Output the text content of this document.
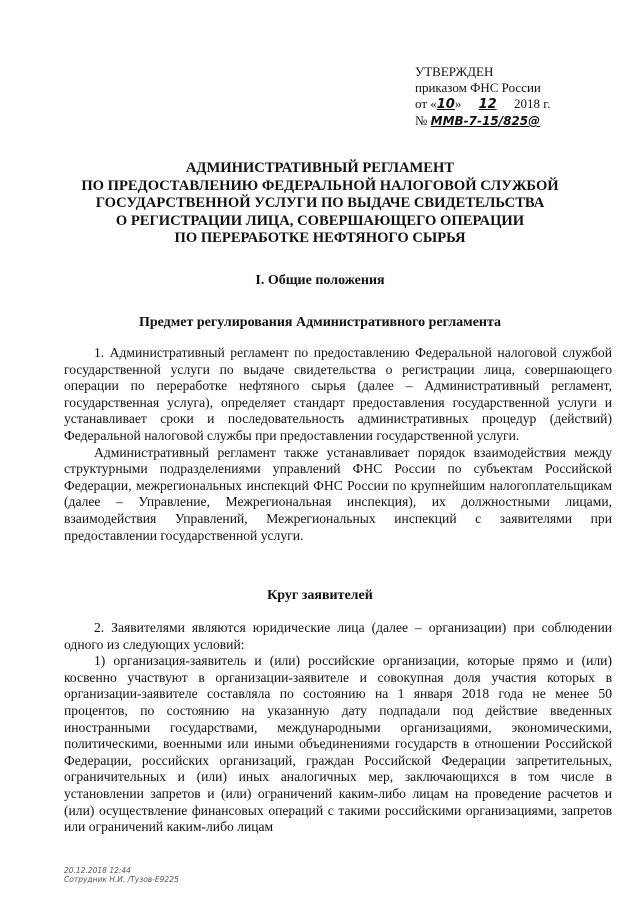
УТВЕРЖДЕН
приказом ФНС России
от «10» 12 2018 г.
№ ММВ-7-15/825@
АДМИНИСТРАТИВНЫЙ РЕГЛАМЕНТ
ПО ПРЕДОСТАВЛЕНИЮ ФЕДЕРАЛЬНОЙ НАЛОГОВОЙ СЛУЖБОЙ
ГОСУДАРСТВЕННОЙ УСЛУГИ ПО ВЫДАЧЕ СВИДЕТЕЛЬСТВА
О РЕГИСТРАЦИИ ЛИЦА, СОВЕРШАЮЩЕГО ОПЕРАЦИИ
ПО ПЕРЕРАБОТКЕ НЕФТЯНОГО СЫРЬЯ
I. Общие положения
Предмет регулирования Административного регламента

1. Административный регламент по предоставлению Федеральной налоговой службой государственной услуги по выдаче свидетельства о регистрации лица, совершающего операции по переработке нефтяного сырья (далее – Административный регламент, государственная услуга), определяет стандарт предоставления государственной услуги и устанавливает сроки и последовательность административных процедур (действий) Федеральной налоговой службы при предоставлении государственной услуги.

Административный регламент также устанавливает порядок взаимодействия между структурными подразделениями управлений ФНС России по субъектам Российской Федерации, межрегиональных инспекций ФНС России по крупнейшим налогоплательщикам (далее – Управление, Межрегиональная инспекция), их должностными лицами, взаимодействия Управлений, Межрегиональных инспекций с заявителями при предоставлении государственной услуги.

Круг заявителей

2. Заявителями являются юридические лица (далее – организации) при соблюдении одного из следующих условий:

1) организация-заявитель и (или) российские организации, которые прямо и (или) косвенно участвуют в организации-заявителе и совокупная доля участия которых в организации-заявителе составляла по состоянию на 1 января 2018 года не менее 50 процентов, по состоянию на указанную дату подпадали под действие введенных иностранными государствами, международными организациями, экономическими, политическими, военными или иными объединениями государств в отношении Российской Федерации, российских организаций, граждан Российской Федерации запретительных, ограничительных и (или) иных аналогичных мер, заключающихся в том числе в установлении запретов и (или) ограничений каким-либо лицам на проведение расчетов и (или) осуществление финансовых операций с такими российскими организациями, запретов или ограничений каким-либо лицам

20.12.2018 12:44
Сотрудник Н.И. /Тузов-Е9225
